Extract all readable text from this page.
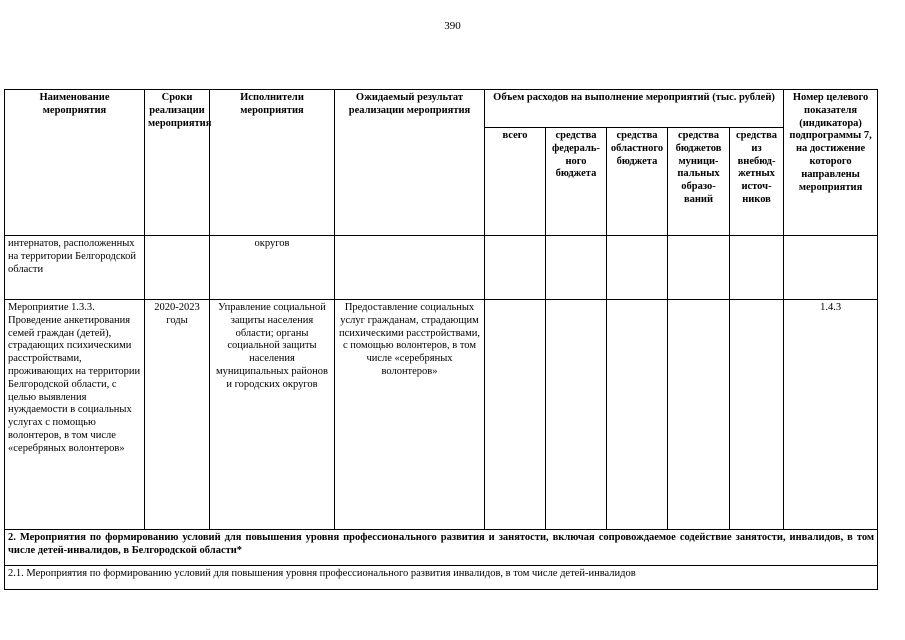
390
Наименование мероприятия	Сроки реализации мероприятия	Исполнители мероприятия	Ожидаемый результат реализации мероприятия	Объем расходов на выполнение мероприятий (тыс. рублей)					Номер целевого показателя (индикатора) подпрограммы 7, на достижение которого направлены мероприятия
				всего	средства федераль-ного бюджета	средства областного бюджета	средства бюджетов муници-пальных образо-ваний	средства из внебюд-жетных источ-ников	
интернатов, расположенных на территории Белгородской области		округов							
Мероприятие 1.3.3. Проведение анкетирования семей граждан (детей), страдающих психическими расстройствами, проживающих на территории Белгородской области, с целью выявления нуждаемости в социальных услугах с помощью волонтеров, в том числе «серебряных волонтеров»	2020-2023 годы	Управление социальной защиты населения области; органы социальной защиты населения муниципальных районов и городских округов	Предоставление социальных услуг гражданам, страдающим психическими расстройствами, с помощью волонтеров, в том числе «серебряных волонтеров»						1.4.3
2. Мероприятия по формированию условий для повышения уровня профессионального развития и занятости, включая сопровождаемое содействие занятости, инвалидов, в том числе детей-инвалидов, в Белгородской области*									
2.1. Мероприятия по формированию условий для повышения уровня профессионального развития инвалидов, в том числе детей-инвалидов									
